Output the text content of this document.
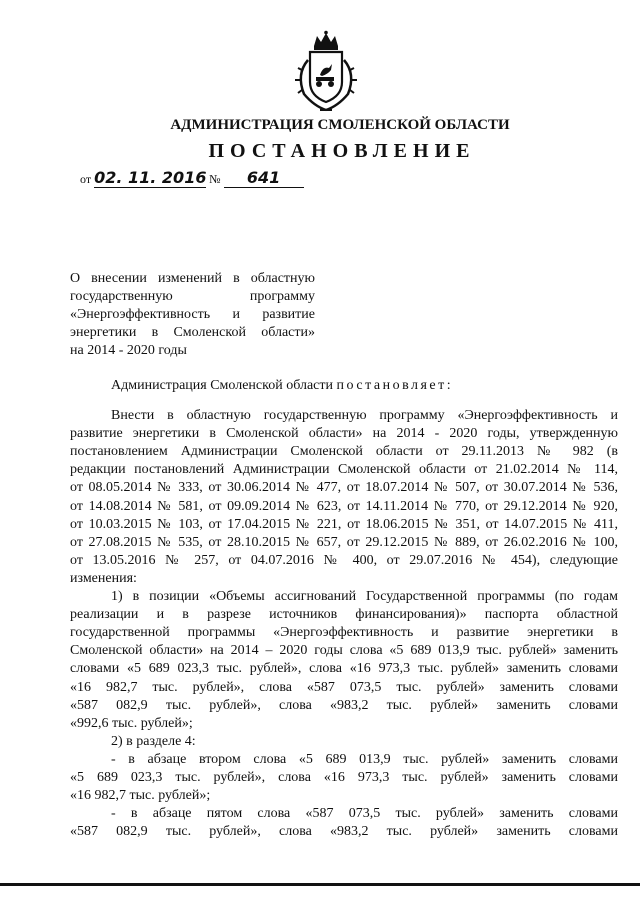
АДМИНИСТРАЦИЯ СМОЛЕНСКОЙ ОБЛАСТИ
ПОСТАНОВЛЕНИЕ
от 02. 11. 2016 № 641
О внесении изменений в областную
государственную программу
«Энергоэффективность и развитие
энергетики в Смоленской области»
на 2014 - 2020 годы
Администрация Смоленской области постановляет:
Внести в областную государственную программу «Энергоэффективность и
развитие энергетики в Смоленской области» на 2014 - 2020 годы, утвержденную
постановлением Администрации Смоленской области от 29.11.2013 № 982 (в
редакции постановлений Администрации Смоленской области от 21.02.2014 № 114,
от 08.05.2014 № 333, от 30.06.2014 № 477, от 18.07.2014 № 507, от 30.07.2014 № 536,
от 14.08.2014 № 581, от 09.09.2014 № 623, от 14.11.2014 № 770, от 29.12.2014 № 920,
от 10.03.2015 № 103, от 17.04.2015 № 221, от 18.06.2015 № 351, от 14.07.2015 № 411,
от 27.08.2015 № 535, от 28.10.2015 № 657, от 29.12.2015 № 889, от 26.02.2016 № 100,
от 13.05.2016 № 257, от 04.07.2016 № 400, от 29.07.2016 № 454), следующие
изменения:
1) в позиции «Объемы ассигнований Государственной программы (по годам
реализации и в разрезе источников финансирования)» паспорта областной
государственной программы «Энергоэффективность и развитие энергетики в
Смоленской области» на 2014 – 2020 годы слова «5 689 013,9 тыс. рублей» заменить
словами «5 689 023,3 тыс. рублей», слова «16 973,3 тыс. рублей» заменить словами
«16 982,7 тыс. рублей», слова «587 073,5 тыс. рублей» заменить словами
«587 082,9 тыс. рублей», слова «983,2 тыс. рублей» заменить словами
«992,6 тыс. рублей»;
2) в разделе 4:
- в абзаце втором слова «5 689 013,9 тыс. рублей» заменить словами
«5 689 023,3 тыс. рублей», слова «16 973,3 тыс. рублей» заменить словами
«16 982,7 тыс. рублей»;
- в абзаце пятом слова «587 073,5 тыс. рублей» заменить словами
«587 082,9 тыс. рублей», слова «983,2 тыс. рублей» заменить словами
